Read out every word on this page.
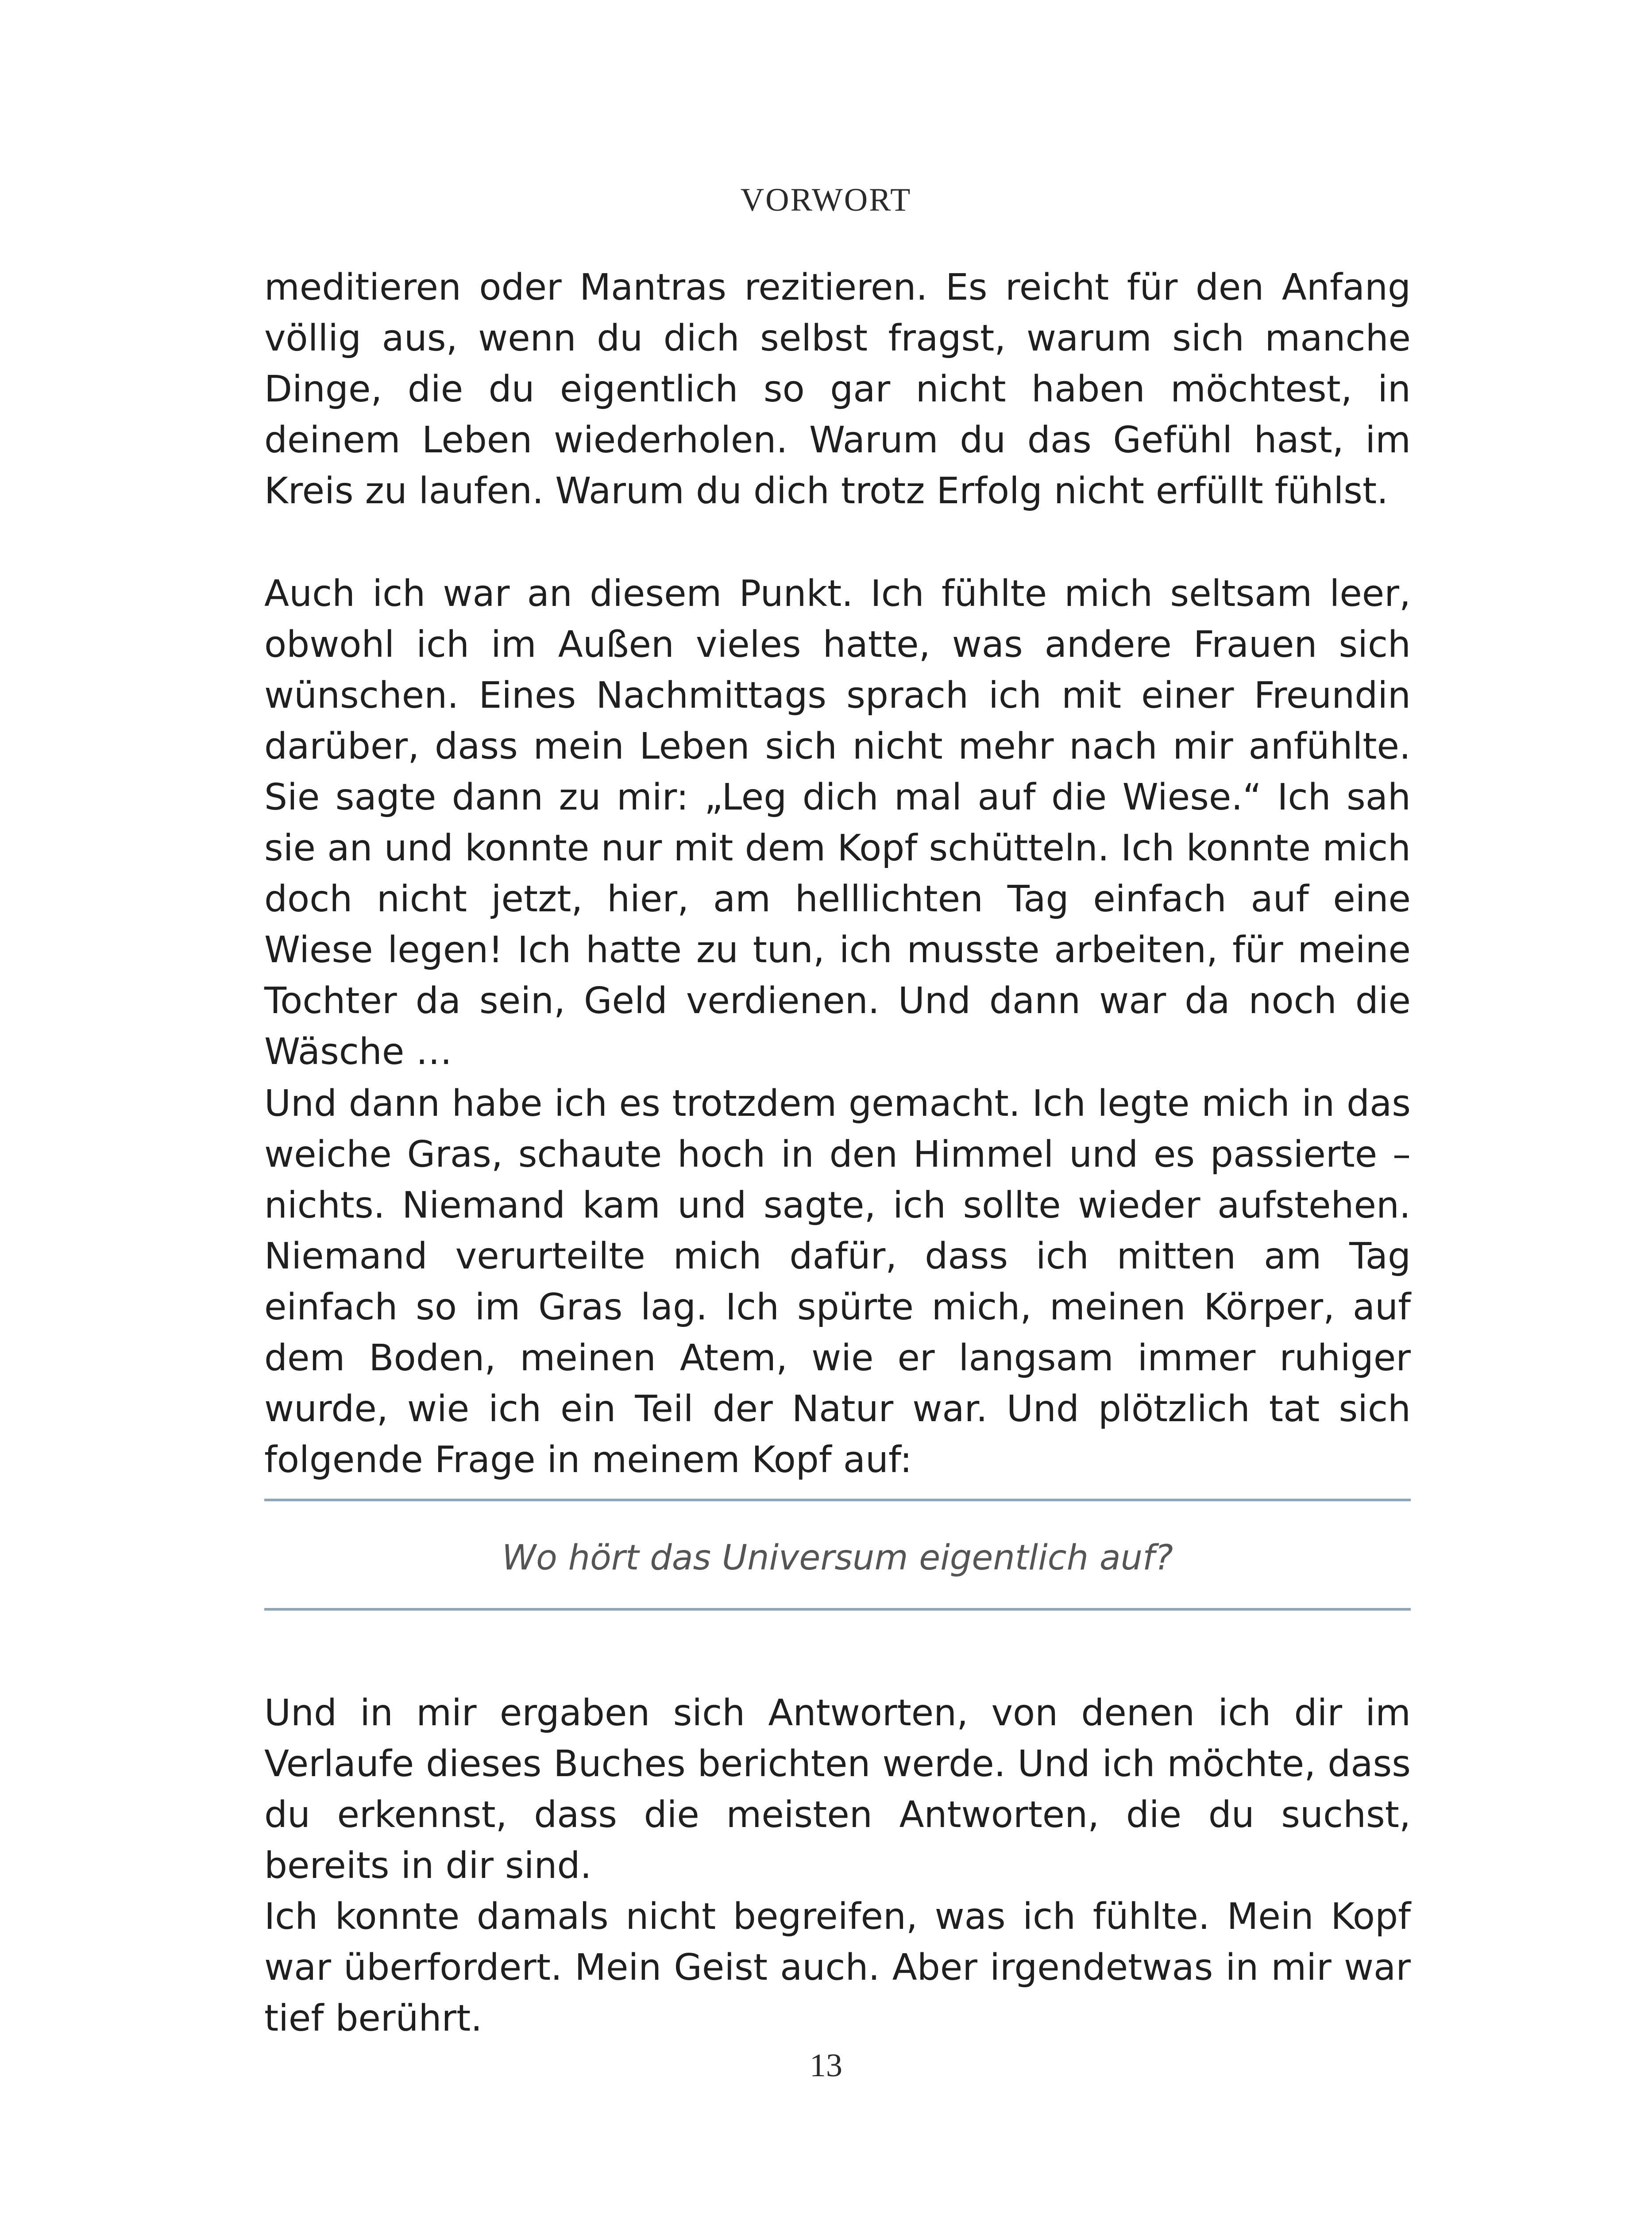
VORWORT

meditieren oder Mantras rezitieren. Es reicht für den Anfang völlig aus, wenn du dich selbst fragst, warum sich manche Dinge, die du eigentlich so gar nicht haben möchtest, in deinem Leben wiederholen. Warum du das Gefühl hast, im Kreis zu laufen. Warum du dich trotz Erfolg nicht erfüllt fühlst.

Auch ich war an diesem Punkt. Ich fühlte mich seltsam leer, obwohl ich im Außen vieles hatte, was andere Frauen sich wünschen. Eines Nachmittags sprach ich mit einer Freundin darüber, dass mein Leben sich nicht mehr nach mir anfühlte. Sie sagte dann zu mir: „Leg dich mal auf die Wiese.“ Ich sah sie an und konnte nur mit dem Kopf schütteln. Ich konnte mich doch nicht jetzt, hier, am helllichten Tag einfach auf eine Wiese legen! Ich hatte zu tun, ich musste arbeiten, für meine Tochter da sein, Geld verdienen. Und dann war da noch die Wäsche …

Und dann habe ich es trotzdem gemacht. Ich legte mich in das weiche Gras, schaute hoch in den Himmel und es passierte – nichts. Niemand kam und sagte, ich sollte wieder aufstehen. Niemand verurteilte mich dafür, dass ich mitten am Tag einfach so im Gras lag. Ich spürte mich, meinen Körper, auf dem Boden, meinen Atem, wie er langsam immer ruhiger wurde, wie ich ein Teil der Natur war. Und plötzlich tat sich folgende Frage in meinem Kopf auf:

Wo hört das Universum eigentlich auf?

Und in mir ergaben sich Antworten, von denen ich dir im Verlaufe dieses Buches berichten werde. Und ich möchte, dass du erkennst, dass die meisten Antworten, die du suchst, bereits in dir sind.

Ich konnte damals nicht begreifen, was ich fühlte. Mein Kopf war überfordert. Mein Geist auch. Aber irgendetwas in mir war tief berührt.

13
